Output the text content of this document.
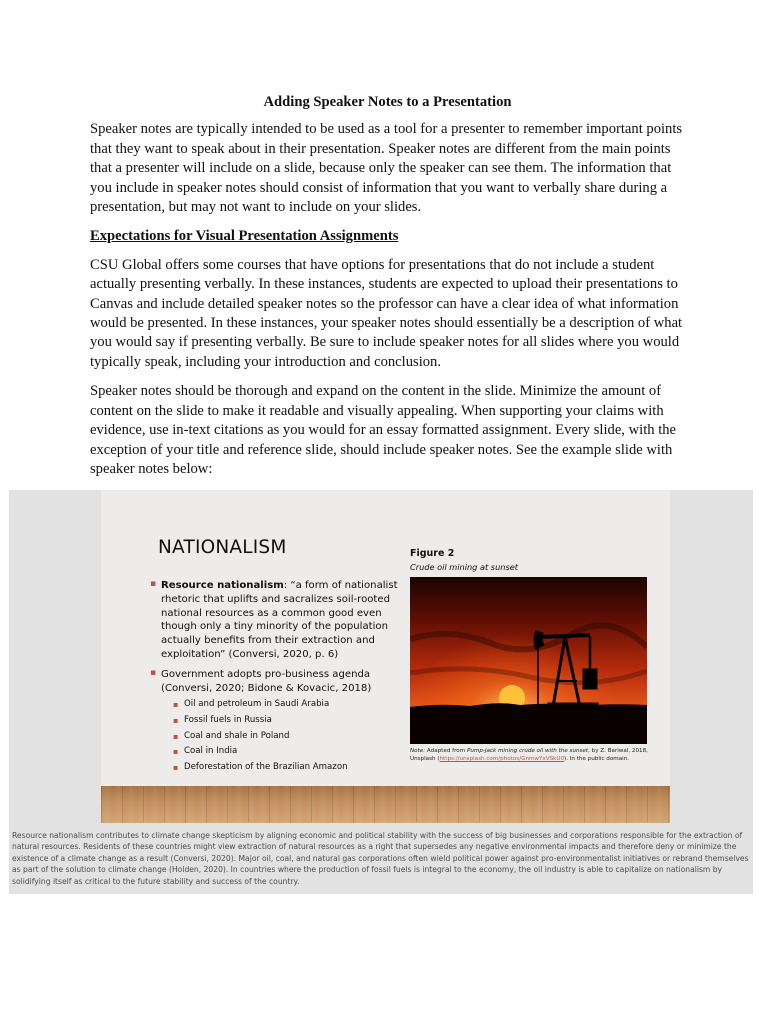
Adding Speaker Notes to a Presentation

Speaker notes are typically intended to be used as a tool for a presenter to remember important points that they want to speak about in their presentation. Speaker notes are different from the main points that a presenter will include on a slide, because only the speaker can see them. The information that you include in speaker notes should consist of information that you want to verbally share during a presentation, but may not want to include on your slides.

Expectations for Visual Presentation Assignments

CSU Global offers some courses that have options for presentations that do not include a student actually presenting verbally. In these instances, students are expected to upload their presentations to Canvas and include detailed speaker notes so the professor can have a clear idea of what information would be presented. In these instances, your speaker notes should essentially be a description of what you would say if presenting verbally. Be sure to include speaker notes for all slides where you would typically speak, including your introduction and conclusion.

Speaker notes should be thorough and expand on the content in the slide. Minimize the amount of content on the slide to make it readable and visually appealing. When supporting your claims with evidence, use in-text citations as you would for an essay formatted assignment. Every slide, with the exception of your title and reference slide, should include speaker notes. See the example slide with speaker notes below:

NATIONALISM
▪ Resource nationalism: “a form of nationalist rhetoric that uplifts and sacralizes soil-rooted national resources as a common good even though only a tiny minority of the population actually benefits from their extraction and exploitation” (Conversi, 2020, p. 6)
▪ Government adopts pro-business agenda (Conversi, 2020; Bidone & Kovacic, 2018)
▪ Oil and petroleum in Saudi Arabia
▪ Fossil fuels in Russia
▪ Coal and shale in Poland
▪ Coal in India
▪ Deforestation of the Brazilian Amazon
Figure 2
Crude oil mining at sunset
Note: Adapted from Pump-jack mining crude oil with the sunset, by Z. Bariwal, 2018, Unsplash (https://unsplash.com/photos/GnmwYxVSkU0). In the public domain.
Resource nationalism contributes to climate change skepticism by aligning economic and political stability with the success of big businesses and corporations responsible for the extraction of natural resources. Residents of these countries might view extraction of natural resources as a right that supersedes any negative environmental impacts and therefore deny or minimize the existence of a climate change as a result (Conversi, 2020). Major oil, coal, and natural gas corporations often wield political power against pro-environmentalist initiatives or rebrand themselves as part of the solution to climate change (Holden, 2020). In countries where the production of fossil fuels is integral to the economy, the oil industry is able to capitalize on nationalism by solidifying itself as critical to the future stability and success of the country.
